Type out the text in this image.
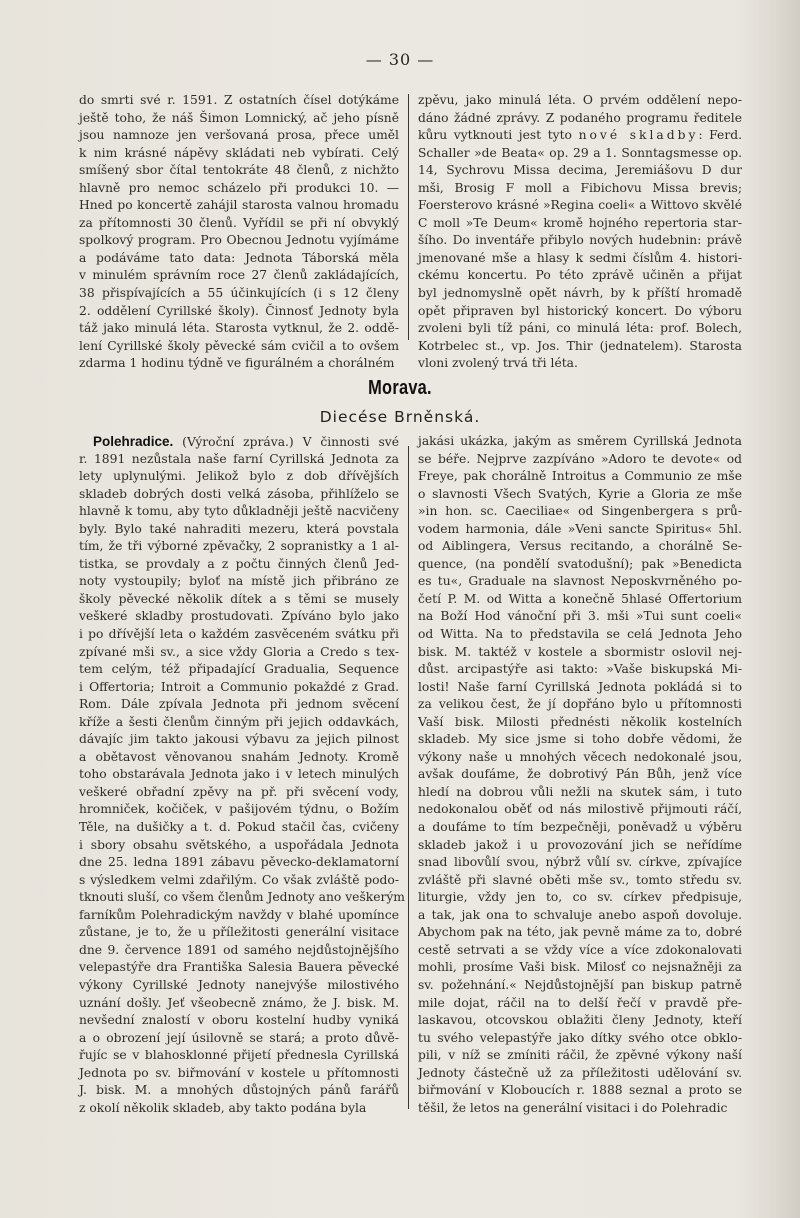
— 30 —
do smrti své r. 1591. Z ostatních čísel dotýkáme
ještě toho, že náš Šimon Lomnický, ač jeho písně
jsou namnoze jen veršovaná prosa, přece uměl
k nim krásné nápěvy skládati neb vybírati. Celý
smíšený sbor čítal tentokráte 48 členů, z nichžto
hlavně pro nemoc scházelo při produkci 10. —
Hned po koncertě zahájil starosta valnou hromadu
za přítomnosti 30 členů. Vyřídil se při ní obvyklý
spolkový program. Pro Obecnou Jednotu vyjímáme
a podáváme tato data: Jednota Táborská měla
v minulém správním roce 27 členů zakládajících,
38 přispívajících a 55 účinkujících (i s 12 členy
2. oddělení Cyrillské školy). Činnosť Jednoty byla
táž jako minulá léta. Starosta vytknul, že 2. oddě-
lení Cyrillské školy pěvecké sám cvičil a to ovšem
zdarma 1 hodinu týdně ve figurálném a chorálném
zpěvu, jako minulá léta. O prvém oddělení nepo-
dáno žádné zprávy. Z podaného programu ředitele
kůru vytknouti jest tyto nové skladby: Ferd.
Schaller »de Beata« op. 29 a 1. Sonntagsmesse op.
14, Sychrovu Missa decima, Jeremiášovu D dur
mši, Brosig F moll a Fibichovu Missa brevis;
Foersterovo krásné »Regina coeli« a Wittovo skvělé
C moll »Te Deum« kromě hojného repertoria star-
šího. Do inventáře přibylo nových hudebnin: právě
jmenované mše a hlasy k sedmi číslům 4. histori-
ckému koncertu. Po této zprávě učiněn a přijat
byl jednomyslně opět návrh, by k příští hromadě
opět připraven byl historický koncert. Do výboru
zvoleni byli tíž páni, co minulá léta: prof. Bolech,
Kotrbelec st., vp. Jos. Thir (jednatelem). Starosta
vloni zvolený trvá tři léta.
Morava.
Diecése Brněnská.
Polehradice. (Výroční zpráva.) V činnosti své
r. 1891 nezůstala naše farní Cyrillská Jednota za
lety uplynulými. Jelikož bylo z dob dřívějších
skladeb dobrých dosti velká zásoba, přihlíželo se
hlavně k tomu, aby tyto důkladněji ještě nacvičeny
byly. Bylo také nahraditi mezeru, která povstala
tím, že tři výborné zpěvačky, 2 sopranistky a 1 al-
tistka, se provdaly a z počtu činných členů Jed-
noty vystoupily; byloť na místě jich přibráno ze
školy pěvecké několik dítek a s těmi se musely
veškeré skladby prostudovati. Zpíváno bylo jako
i po dřívější leta o každém zasvěceném svátku při
zpívané mši sv., a sice vždy Gloria a Credo s tex-
tem celým, též připadající Gradualia, Sequence
i Offertoria; Introit a Communio pokaždé z Grad.
Rom. Dále zpívala Jednota při jednom svěcení
kříže a šesti členům činným při jejich oddavkách,
dávajíc jim takto jakousi výbavu za jejich pilnost
a obětavost věnovanou snahám Jednoty. Kromě
toho obstarávala Jednota jako i v letech minulých
veškeré obřadní zpěvy na př. při svěcení vody,
hromniček, kočiček, v pašijovém týdnu, o Božím
Těle, na dušičky a t. d. Pokud stačil čas, cvičeny
i sbory obsahu světského, a uspořádala Jednota
dne 25. ledna 1891 zábavu pěvecko-deklamatorní
s výsledkem velmi zdařilým. Co však zvláště podo-
tknouti sluší, co všem členům Jednoty ano veškerým
farníkům Polehradickým navždy v blahé upomínce
zůstane, je to, že u příležitosti generální visitace
dne 9. července 1891 od samého nejdůstojnějšího
velepastýře dra Františka Salesia Bauera pěvecké
výkony Cyrillské Jednoty nanejvýše milostivého
uznání došly. Jeť všeobecně známo, že J. bisk. M.
nevšední znalostí v oboru kostelní hudby vyniká
a o obrození její úsilovně se stará; a proto důvě-
řujíc se v blahosklonné přijetí přednesla Cyrillská
Jednota po sv. biřmování v kostele u přítomnosti
J. bisk. M. a mnohých důstojných pánů farářů
z okolí několik skladeb, aby takto podána byla
jakási ukázka, jakým as směrem Cyrillská Jednota
se béře. Nejprve zazpíváno »Adoro te devote« od
Freye, pak chorálně Introitus a Communio ze mše
o slavnosti Všech Svatých, Kyrie a Gloria ze mše
»in hon. sc. Caeciliae« od Singenbergera s prů-
vodem harmonia, dále »Veni sancte Spiritus« 5hl.
od Aiblingera, Versus recitando, a chorálně Se-
quence, (na pondělí svatodušní); pak »Benedicta
es tu«, Graduale na slavnost Neposkvrněného po-
četí P. M. od Witta a konečně 5hlasé Offertorium
na Boží Hod vánoční při 3. mši »Tui sunt coeli«
od Witta. Na to představila se celá Jednota Jeho
bisk. M. taktéž v kostele a sbormistr oslovil nej-
důst. arcipastýře asi takto: »Vaše biskupská Mi-
losti! Naše farní Cyrillská Jednota pokládá si to
za velikou čest, že jí dopřáno bylo u přítomnosti
Vaší bisk. Milosti přednésti několik kostelních
skladeb. My sice jsme si toho dobře vědomi, že
výkony naše u mnohých věcech nedokonalé jsou,
avšak doufáme, že dobrotivý Pán Bůh, jenž více
hledí na dobrou vůli nežli na skutek sám, i tuto
nedokonalou oběť od nás milostivě přijmouti ráčí,
a doufáme to tím bezpečněji, poněvadž u výběru
skladeb jakož i u provozování jich se neřídíme
snad libovůlí svou, nýbrž vůlí sv. církve, zpívajíce
zvláště při slavné oběti mše sv., tomto středu sv.
liturgie, vždy jen to, co sv. církev předpisuje,
a tak, jak ona to schvaluje anebo aspoň dovoluje.
Abychom pak na této, jak pevně máme za to, dobré
cestě setrvati a se vždy více a více zdokonalovati
mohli, prosíme Vaši bisk. Milosť co nejsnažněji za
sv. požehnání.« Nejdůstojnější pan biskup patrně
mile dojat, ráčil na to delší řečí v pravdě pře-
laskavou, otcovskou oblažiti členy Jednoty, kteří
tu svého velepastýře jako dítky svého otce obklo-
pili, v níž se zmíniti ráčil, že zpěvné výkony naší
Jednoty částečně už za příležitosti udělování sv.
biřmování v Kloboucích r. 1888 seznal a proto se
těšil, že letos na generální visitaci i do Polehradic
